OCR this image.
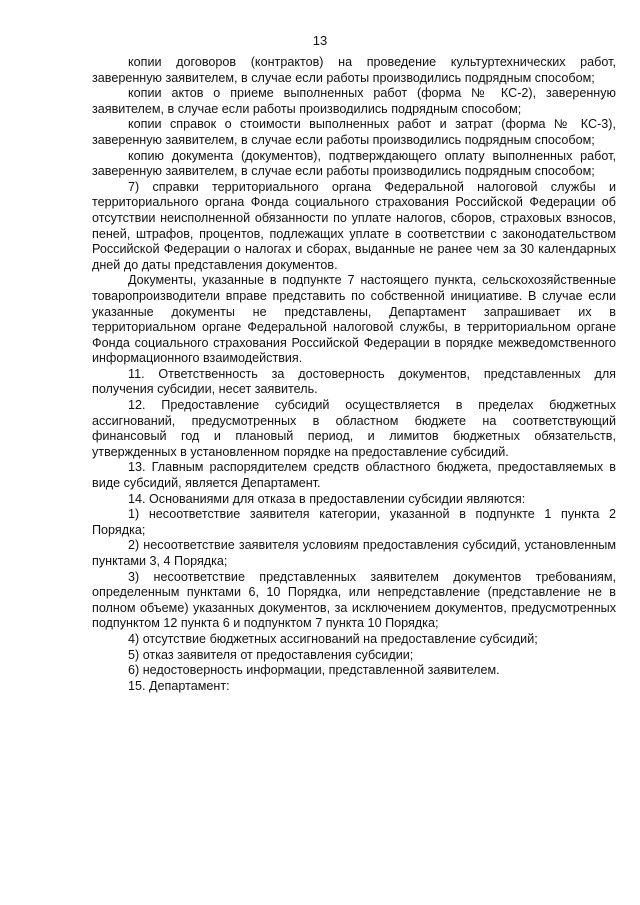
13

копии договоров (контрактов) на проведение культуртехнических работ, заверенную заявителем, в случае если работы производились подрядным способом;

копии актов о приеме выполненных работ (форма № КС-2), заверенную заявителем, в случае если работы производились подрядным способом;

копии справок о стоимости выполненных работ и затрат (форма № КС-3), заверенную заявителем, в случае если работы производились подрядным способом;

копию документа (документов), подтверждающего оплату выполненных работ, заверенную заявителем, в случае если работы производились подрядным способом;

7) справки территориального органа Федеральной налоговой службы и территориального органа Фонда социального страхования Российской Федерации об отсутствии неисполненной обязанности по уплате налогов, сборов, страховых взносов, пеней, штрафов, процентов, подлежащих уплате в соответствии с законодательством Российской Федерации о налогах и сборах, выданные не ранее чем за 30 календарных дней до даты представления документов.

Документы, указанные в подпункте 7 настоящего пункта, сельскохозяйственные товаропроизводители вправе представить по собственной инициативе. В случае если указанные документы не представлены, Департамент запрашивает их в территориальном органе Федеральной налоговой службы, в территориальном органе Фонда социального страхования Российской Федерации в порядке межведомственного информационного взаимодействия.

11. Ответственность за достоверность документов, представленных для получения субсидии, несет заявитель.

12. Предоставление субсидий осуществляется в пределах бюджетных ассигнований, предусмотренных в областном бюджете на соответствующий финансовый год и плановый период, и лимитов бюджетных обязательств, утвержденных в установленном порядке на предоставление субсидий.

13. Главным распорядителем средств областного бюджета, предоставляемых в виде субсидий, является Департамент.

14. Основаниями для отказа в предоставлении субсидии являются:

1) несоответствие заявителя категории, указанной в подпункте 1 пункта 2 Порядка;

2) несоответствие заявителя условиям предоставления субсидий, установленным пунктами 3, 4 Порядка;

3) несоответствие представленных заявителем документов требованиям, определенным пунктами 6, 10 Порядка, или непредставление (представление не в полном объеме) указанных документов, за исключением документов, предусмотренных подпунктом 12 пункта 6 и подпунктом 7 пункта 10 Порядка;

4) отсутствие бюджетных ассигнований на предоставление субсидий;

5) отказ заявителя от предоставления субсидии;

6) недостоверность информации, представленной заявителем.

15. Департамент:
